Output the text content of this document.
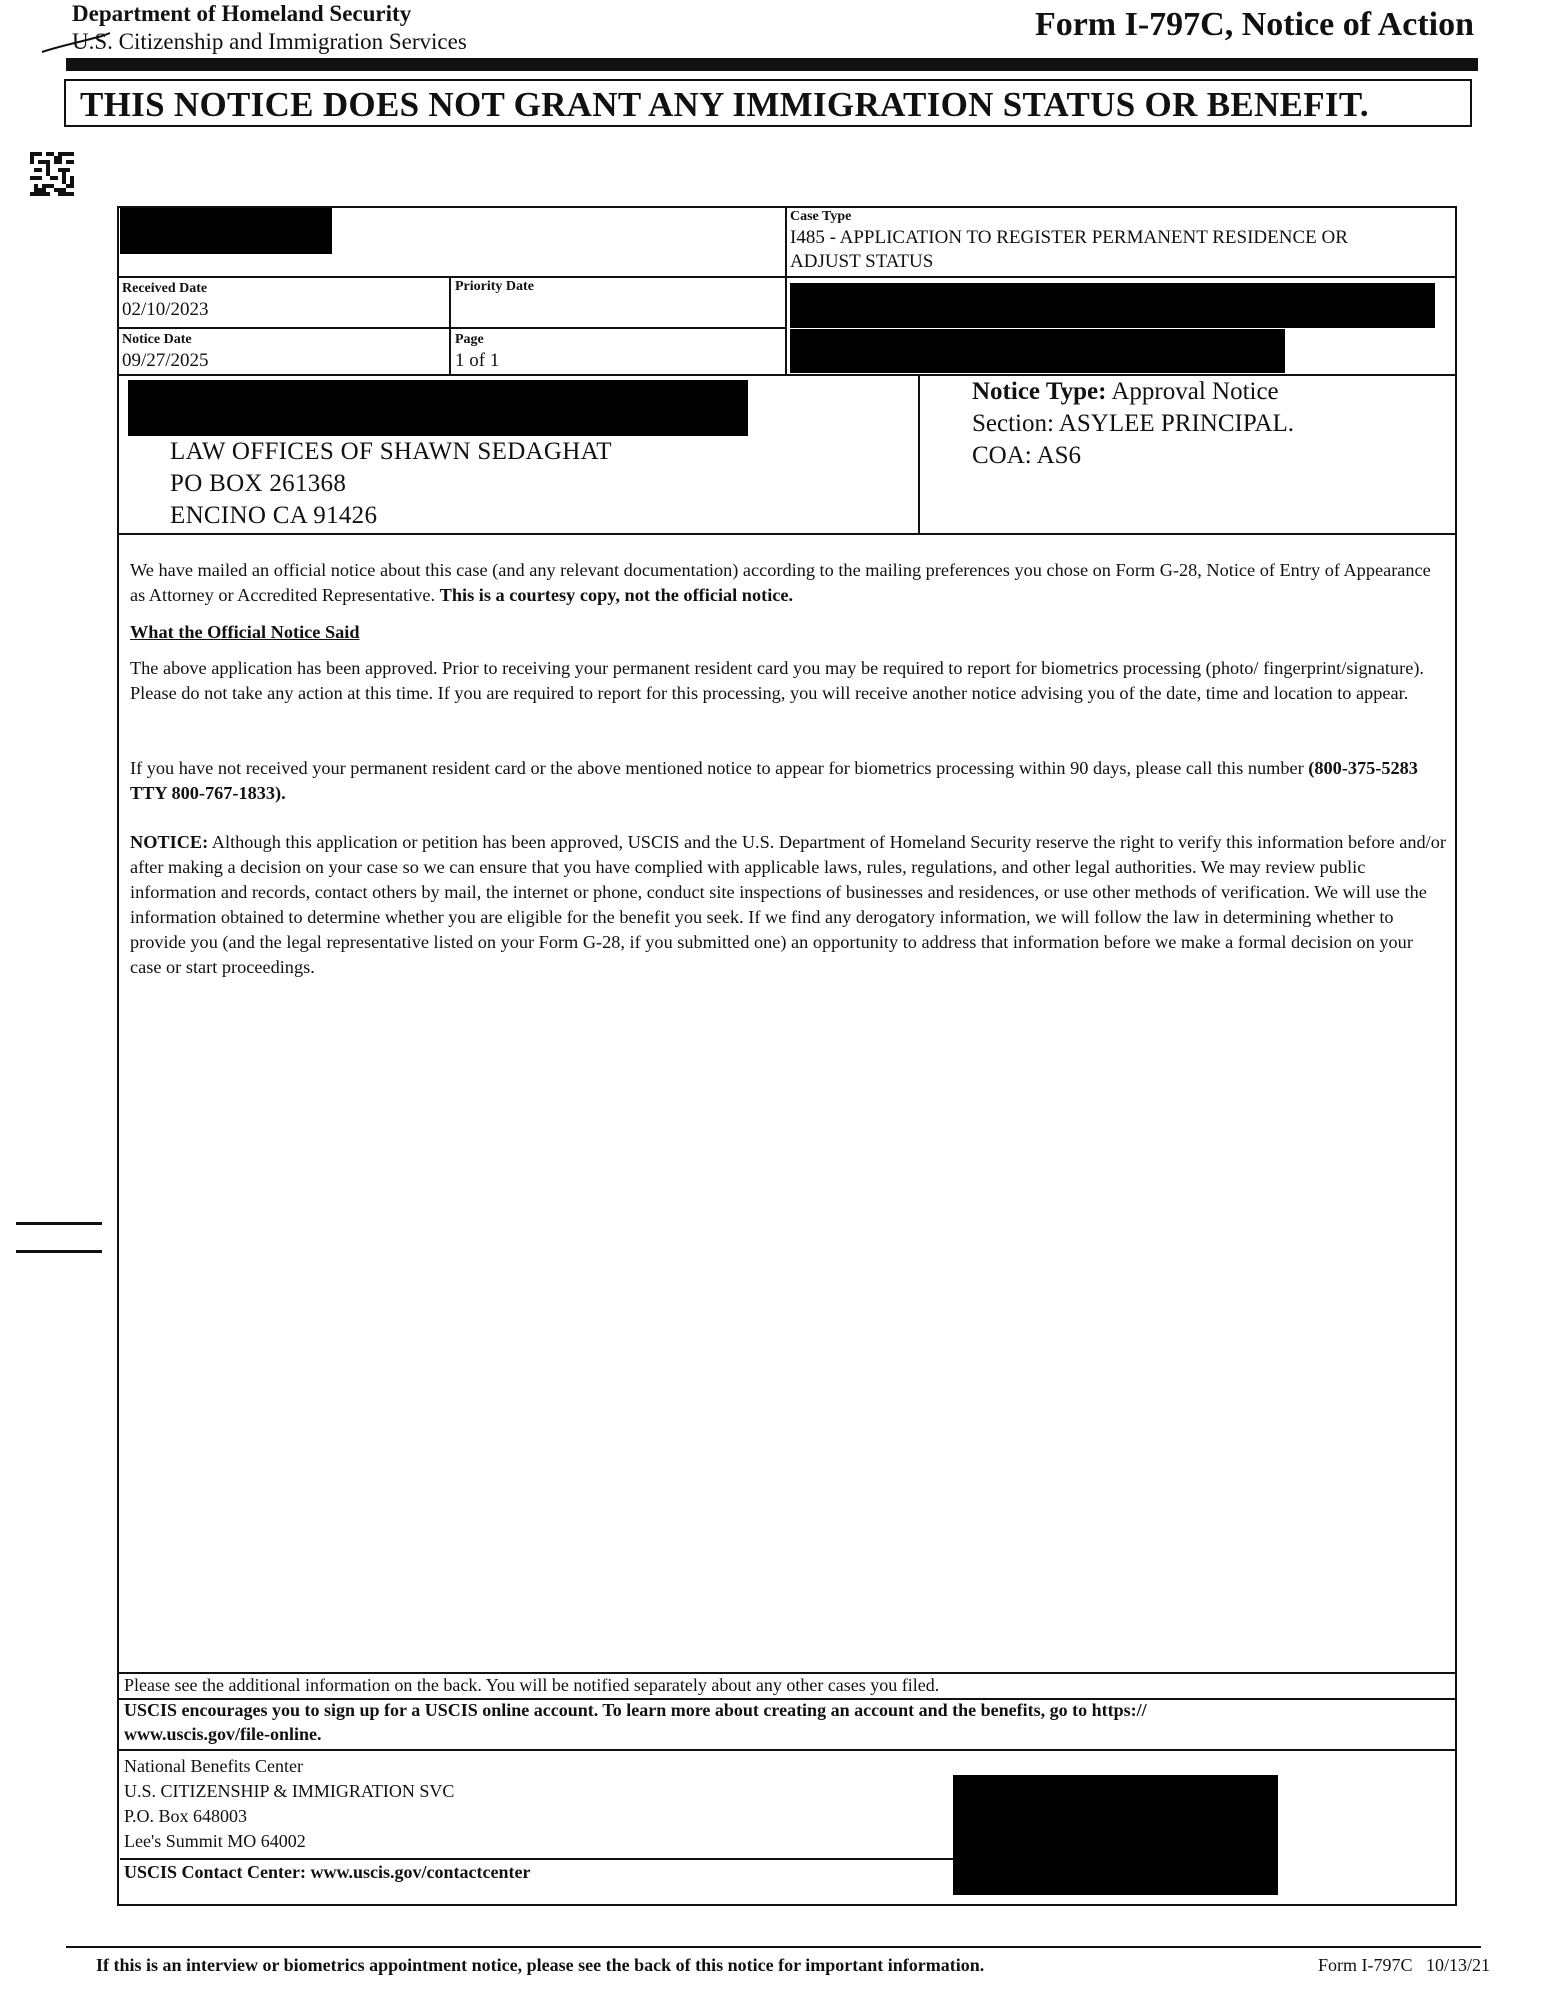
Department of Homeland Security
U.S. Citizenship and Immigration Services	Form I-797C, Notice of Action
THIS NOTICE DOES NOT GRANT ANY IMMIGRATION STATUS OR BENEFIT.
Case Type
I485 - APPLICATION TO REGISTER PERMANENT RESIDENCE OR
ADJUST STATUS
Received Date
02/10/2023
Priority Date
Notice Date
09/27/2025
Page
1 of 1
LAW OFFICES OF SHAWN SEDAGHAT
PO BOX 261368
ENCINO CA 91426
Notice Type: Approval Notice
Section: ASYLEE PRINCIPAL.
COA: AS6
We have mailed an official notice about this case (and any relevant documentation) according to the mailing preferences you chose on Form G-28, Notice of Entry of Appearance as Attorney or Accredited Representative. This is a courtesy copy, not the official notice.
What the Official Notice Said
The above application has been approved. Prior to receiving your permanent resident card you may be required to report for biometrics processing (photo/ fingerprint/signature). Please do not take any action at this time. If you are required to report for this processing, you will receive another notice advising you of the date, time and location to appear.
If you have not received your permanent resident card or the above mentioned notice to appear for biometrics processing within 90 days, please call this number (800-375-5283 TTY 800-767-1833).
NOTICE: Although this application or petition has been approved, USCIS and the U.S. Department of Homeland Security reserve the right to verify this information before and/or after making a decision on your case so we can ensure that you have complied with applicable laws, rules, regulations, and other legal authorities. We may review public information and records, contact others by mail, the internet or phone, conduct site inspections of businesses and residences, or use other methods of verification. We will use the information obtained to determine whether you are eligible for the benefit you seek. If we find any derogatory information, we will follow the law in determining whether to provide you (and the legal representative listed on your Form G-28, if you submitted one) an opportunity to address that information before we make a formal decision on your case or start proceedings.
Please see the additional information on the back. You will be notified separately about any other cases you filed.
USCIS encourages you to sign up for a USCIS online account. To learn more about creating an account and the benefits, go to https://
www.uscis.gov/file-online.
National Benefits Center
U.S. CITIZENSHIP & IMMIGRATION SVC
P.O. Box 648003
Lee's Summit MO 64002
USCIS Contact Center: www.uscis.gov/contactcenter
If this is an interview or biometrics appointment notice, please see the back of this notice for important information.	Form I-797C   10/13/21
